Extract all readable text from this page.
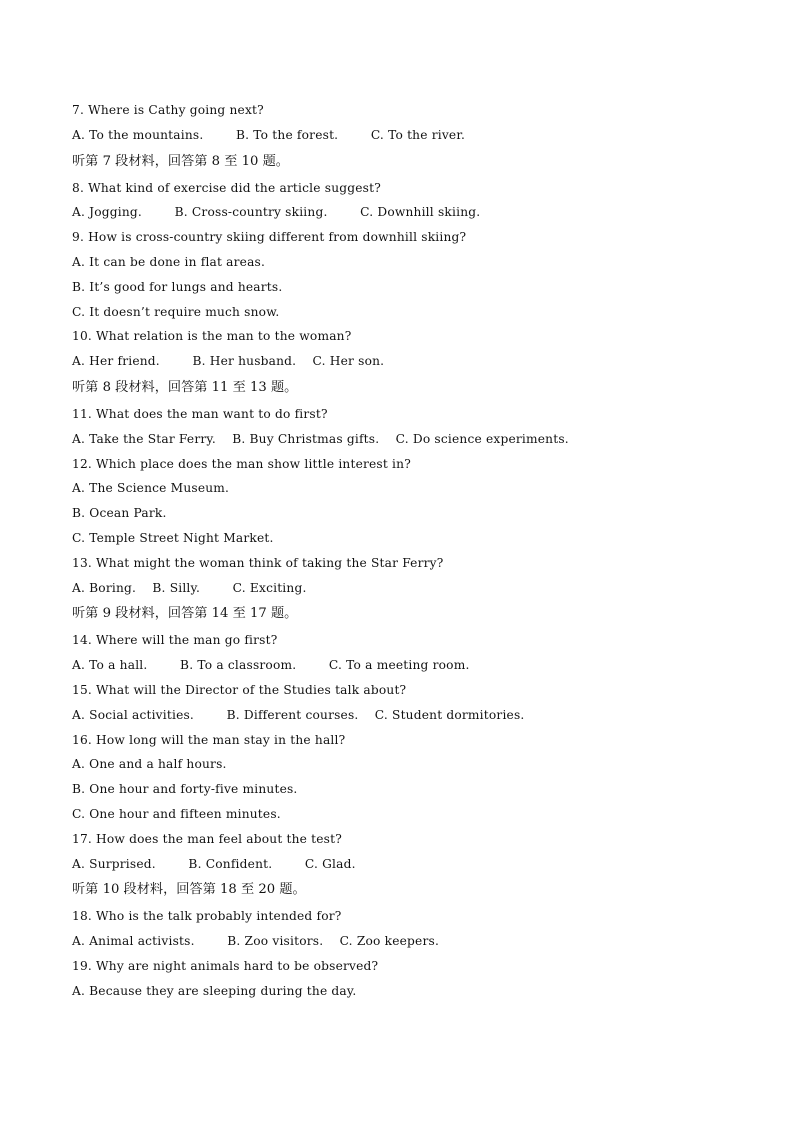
7. Where is Cathy going next?
A. To the mountains.        B. To the forest.        C. To the river.
听第 7 段材料，回答第 8 至 10 题。
8. What kind of exercise did the article suggest?
A. Jogging.        B. Cross-country skiing.        C. Downhill skiing.
9. How is cross-country skiing different from downhill skiing?
A. It can be done in flat areas.
B. It’s good for lungs and hearts.
C. It doesn’t require much snow.
10. What relation is the man to the woman?
A. Her friend.        B. Her husband.    C. Her son.
听第 8 段材料，回答第 11 至 13 题。
11. What does the man want to do first?
A. Take the Star Ferry.    B. Buy Christmas gifts.    C. Do science experiments.
12. Which place does the man show little interest in?
A. The Science Museum.
B. Ocean Park.
C. Temple Street Night Market.
13. What might the woman think of taking the Star Ferry?
A. Boring.    B. Silly.        C. Exciting.
听第 9 段材料，回答第 14 至 17 题。
14. Where will the man go first?
A. To a hall.        B. To a classroom.        C. To a meeting room.
15. What will the Director of the Studies talk about?
A. Social activities.        B. Different courses.    C. Student dormitories.
16. How long will the man stay in the hall?
A. One and a half hours.
B. One hour and forty-five minutes.
C. One hour and fifteen minutes.
17. How does the man feel about the test?
A. Surprised.        B. Confident.        C. Glad.
听第 10 段材料，回答第 18 至 20 题。
18. Who is the talk probably intended for?
A. Animal activists.        B. Zoo visitors.    C. Zoo keepers.
19. Why are night animals hard to be observed?
A. Because they are sleeping during the day.
